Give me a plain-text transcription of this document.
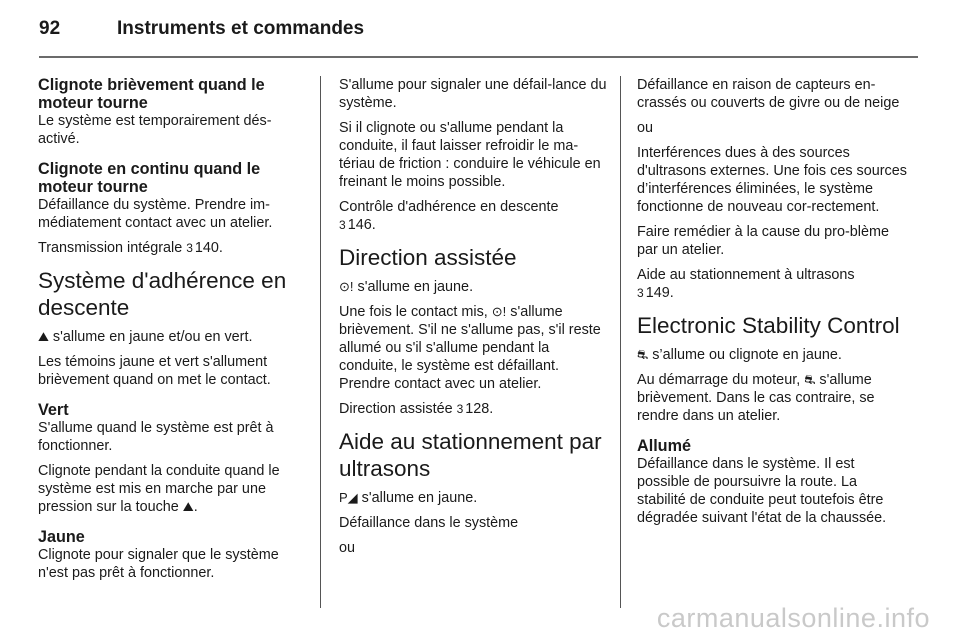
92	Instruments et commandes
Clignote brièvement quand le moteur tourne

Le système est temporairement dés-activé.

Clignote en continu quand le moteur tourne

Défaillance du système. Prendre im-médiatement contact avec un atelier.

Transmission intégrale 3 140.

Système d'adhérence en descente

⛰ s'allume en jaune et/ou en vert.

Les témoins jaune et vert s'allument brièvement quand on met le contact.

Vert

S'allume quand le système est prêt à fonctionner.

Clignote pendant la conduite quand le système est mis en marche par une pression sur la touche ⛰.

Jaune

Clignote pour signaler que le système n'est pas prêt à fonctionner.

S'allume pour signaler une défail-lance du système.

Si il clignote ou s'allume pendant la conduite, il faut laisser refroidir le ma-tériau de friction : conduire le véhicule en freinant le moins possible.

Contrôle d'adhérence en descente
3 146.

Direction assistée

⊙! s'allume en jaune.

Une fois le contact mis, ⊙! s'allume brièvement. S'il ne s'allume pas, s'il reste allumé ou s'il s'allume pendant la conduite, le système est défaillant. Prendre contact avec un atelier.

Direction assistée 3 128.

Aide au stationnement par ultrasons

P◢ s'allume en jaune.

Défaillance dans le système

ou

Défaillance en raison de capteurs en-crassés ou couverts de givre ou de neige

ou

Interférences dues à des sources d'ultrasons externes. Une fois ces sources d’interférences éliminées, le système fonctionne de nouveau cor-rectement.

Faire remédier à la cause du pro-blème par un atelier.

Aide au stationnement à ultrasons
3 149.

Electronic Stability Control

⛐ s’allume ou clignote en jaune.

Au démarrage du moteur, ⛐ s'allume brièvement. Dans le cas contraire, se rendre dans un atelier.

Allumé

Défaillance dans le système. Il est possible de poursuivre la route. La stabilité de conduite peut toutefois être dégradée suivant l'état de la chaussée.

carmanualsonline.info
